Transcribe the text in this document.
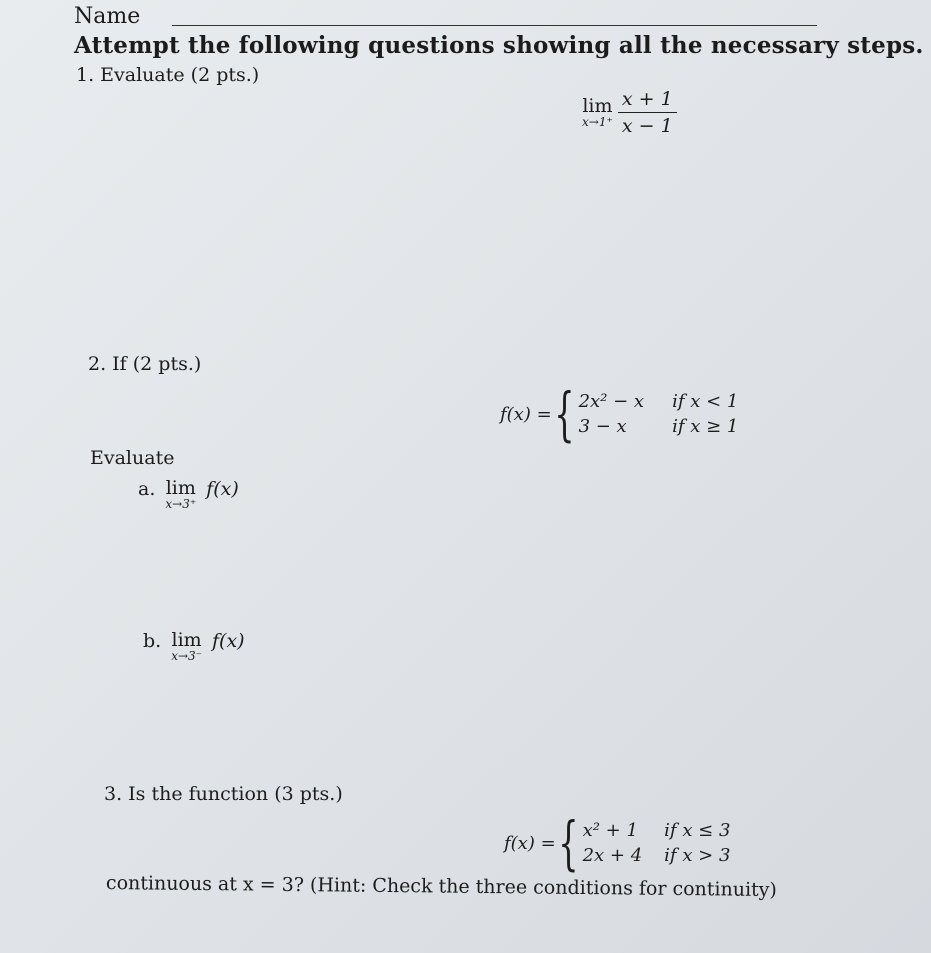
Name
Attempt the following questions showing all the necessary steps.
1. Evaluate (2 pts.)
lim
x→1⁺
$\frac{x + 1}{x - 1}$
2. If (2 pts.)
f(x) = { 2x² − x if x < 1
3 − x	if x ≥ 1
Evaluate
a. lim
x→3⁺
f(x)
b. lim
x→3⁻
f(x)
3. Is the function (3 pts.)
f(x) = { x² + 1 if x ≤ 3
2x + 4 if x > 3
continuous at x = 3? (Hint: Check the three conditions for continuity)
